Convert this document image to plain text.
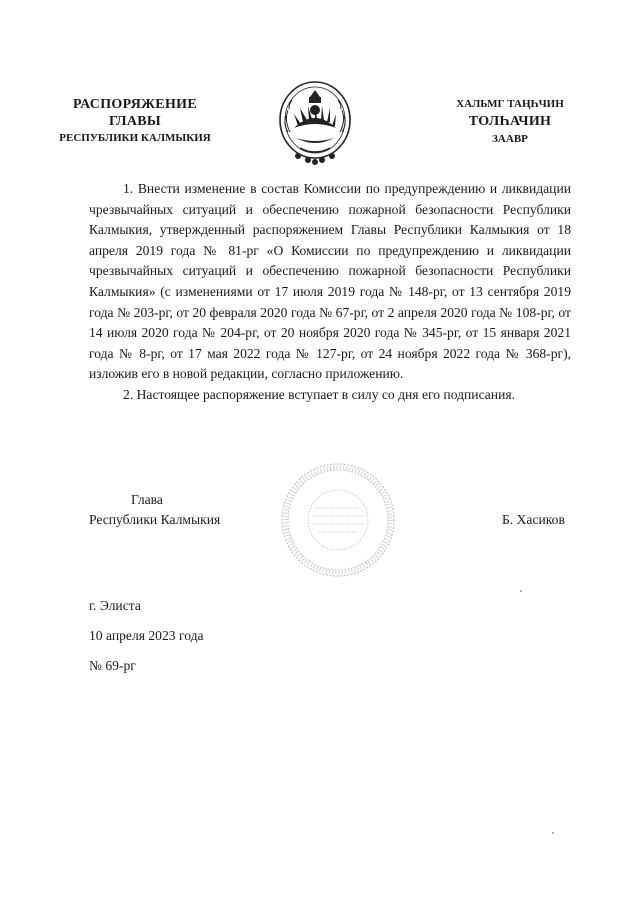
РАСПОРЯЖЕНИЕ
ГЛАВЫ
РЕСПУБЛИКИ КАЛМЫКИЯ
ХАЛЬМГ ТАҢҺЧИН
ТОЛҺАЧИН
ЗААВР

1. Внести изменение в состав Комиссии по предупреждению и ликвидации чрезвычайных ситуаций и обеспечению пожарной безопасности Республики Калмыкия, утвержденный распоряжением Главы Республики Калмыкия от 18 апреля 2019 года № 81-рг «О Комиссии по предупреждению и ликвидации чрезвычайных ситуаций и обеспечению пожарной безопасности Республики Калмыкия» (с изменениями от 17 июля 2019 года № 148-рг, от 13 сентября 2019 года № 203-рг, от 20 февраля 2020 года № 67-рг, от 2 апреля 2020 года № 108-рг, от 14 июля 2020 года № 204-рг, от 20 ноября 2020 года № 345-рг, от 15 января 2021 года № 8-рг, от 17 мая 2022 года № 127-рг, от 24 ноября 2022 года № 368-рг), изложив его в новой редакции, согласно приложению.

2. Настоящее распоряжение вступает в силу со дня его подписания.

Глава
Республики Калмыкия	Б. Хасиков
г. Элиста
10 апреля 2023 года
№ 69-рг
